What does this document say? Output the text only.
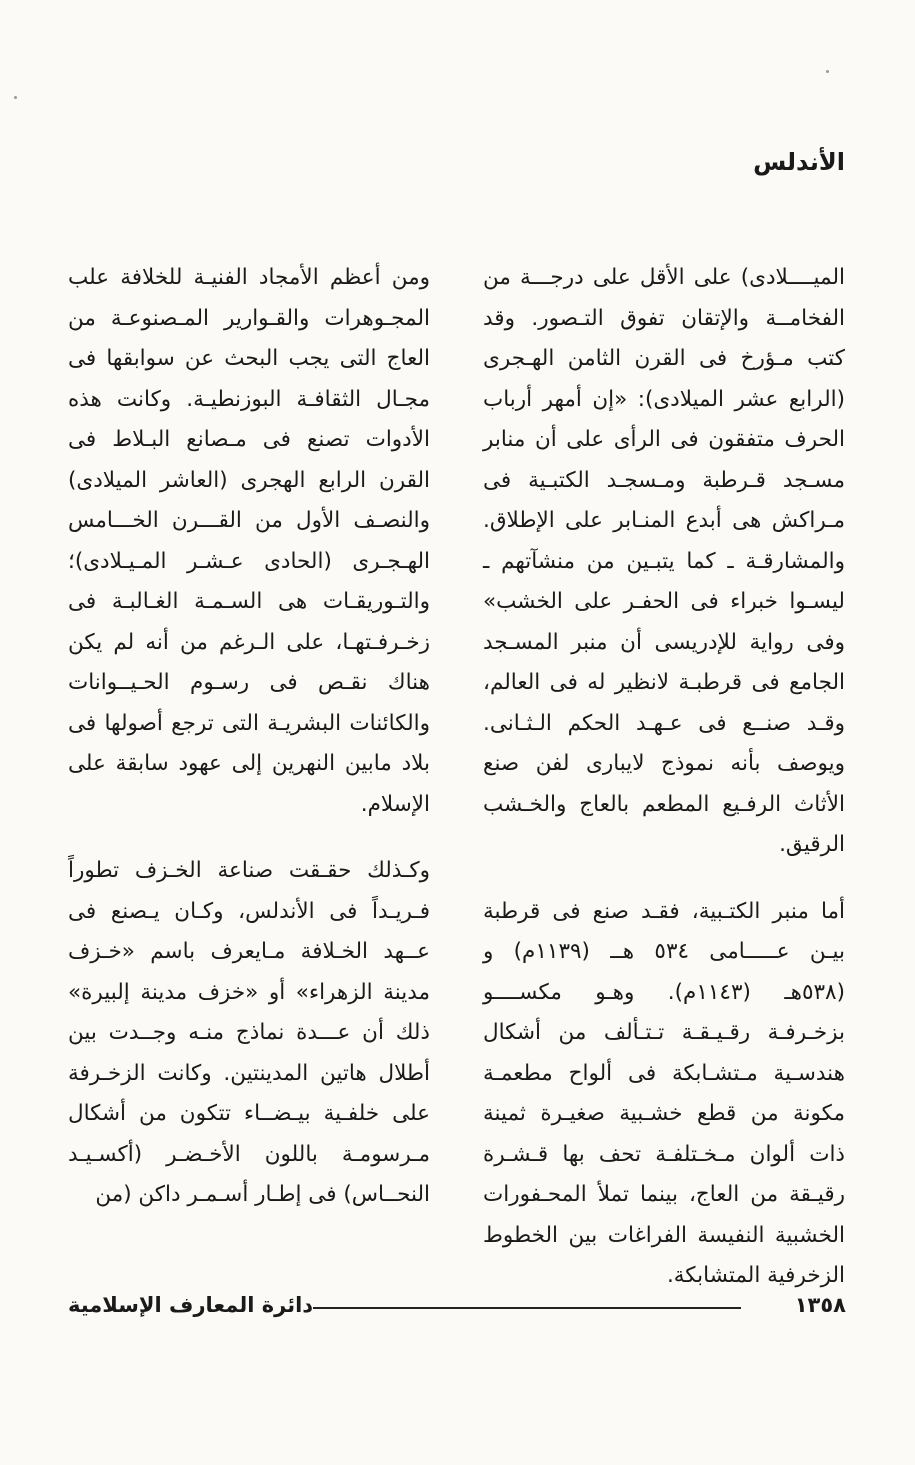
الأندلس

الميــــلادى) على الأقل على درجـــة من الفخامــة والإتقان تفوق التـصور. وقد كتب مـؤرخ فى القرن الثامن الهـجرى (الرابع عشر الميلادى): «إن أمهر أرباب الحرف متفقون فى الرأى على أن منابر مسـجد قـرطبة ومـسجـد الكتبـية فى مـراكش هى أبدع المنـابر على الإطلاق. والمشارقـة ـ كما يتبـين من منشآتهم ـ ليسـوا خبراء فى الحفـر على الخشب» وفى رواية للإدريسى أن منبر المسـجد الجامع فى قرطبـة لانظير له فى العالم، وقـد صنــع فى عـهـد الحكم الـثـانى. ويوصف بأنه نموذج لايبارى لفن صنع الأثاث الرفـيع المطعم بالعاج والخـشب الرقيق.

أما منبر الكتـبية، فقـد صنع فى قرطبة بيـن عـــــامى ٥٣٤ هــ (١١٣٩م) و (٥٣٨هـ (١١٤٣م). وهـو مكســــو بزخـرفـة رقـيـقـة تـتـألف من أشكال هندسـية مـتشـابكة فى ألواح مطعمـة مكونة من قطع خشـبية صغيـرة ثمينة ذات ألوان مـخـتلفـة تحف بها قـشـرة رقيـقة من العاج، بينما تملأ المحـفورات الخشبية النفيسة الفراغات بين الخطوط الزخرفية المتشابكة.

ومن أعظم الأمجاد الفنيـة للخلافة علب المجـوهرات والقـوارير المـصنوعـة من العاج التى يجب البحث عن سوابقها فى مجـال الثقافـة البوزنطيـة. وكانت هذه الأدوات تصنع فى مـصانع البـلاط فى القرن الرابع الهجرى (العاشر الميلادى) والنصـف الأول من القـــرن الخـــامس الهـجـرى (الحادى عـشـر المـيـلادى)؛ والتـوريقـات هى السـمـة الغـالبـة فى زخـرفـتهـا، على الـرغم من أنه لم يكن هناك نقـص فى رسـوم الحـيــوانات والكائنات البشريـة التى ترجع أصولها فى بلاد مابين النهرين إلى عهود سابقة على الإسلام.

وكـذلك حقـقت صناعة الخـزف تطوراً فـريـداً فى الأندلس، وكـان يـصنع فى عــهد الخـلافة مـايعرف باسم «خـزف مدينة الزهراء» أو «خزف مدينة إلبيرة» ذلك أن عـــدة نماذج منـه وجــدت بين أطلال هاتين المدينتين. وكانت الزخـرفة على خلفـية بيـضــاء تتكون من أشكال مـرسومـة باللون الأخـضـر (أكسـيـد النحــاس) فى إطـار أسـمـر داكن (من

١٣٥٨
دائرة المعارف الإسلامية
